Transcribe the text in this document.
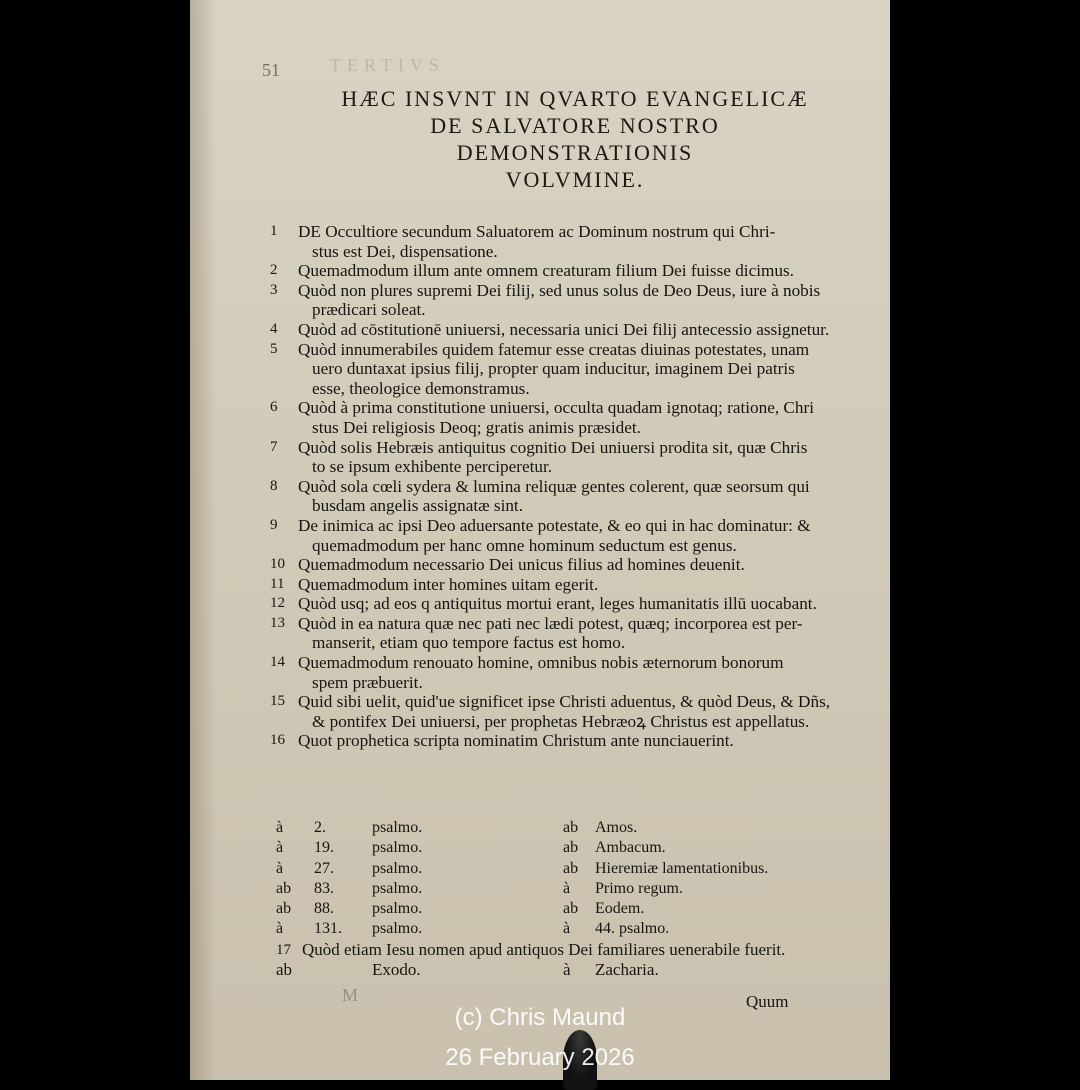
TERTIVS
51
HÆC INSVNT IN QVARTO EVANGELICÆ
DE SALVATORE NOSTRO
DEMONSTRATIONIS
VOLVMINE.
1	DE Occultiore secundum Saluatorem ac Dominum nostrum qui Chri-
stus est Dei, dispensatione.
2	Quemadmodum illum ante omnem creaturam filium Dei fuisse dicimus.
3	Quòd non plures supremi Dei filij, sed unus solus de Deo Deus, iure à nobis
prædicari soleat.
4	Quòd ad cōstitutionē uniuersi, necessaria unici Dei filij antecessio assignetur.
5	Quòd innumerabiles quidem fatemur esse creatas diuinas potestates, unam
uero duntaxat ipsius filij, propter quam inducitur, imaginem Dei patris
esse, theologice demonstramus.
6	Quòd à prima constitutione uniuersi, occulta quadam ignotaq; ratione, Chri
stus Dei religiosis Deoq; gratis animis præsidet.
7	Quòd solis Hebræis antiquitus cognitio Dei uniuersi prodita sit, quæ Chris
to se ipsum exhibente perciperetur.
8	Quòd sola cœli sydera & lumina reliquæ gentes colerent, quæ seorsum qui
busdam angelis assignatæ sint.
9	De inimica ac ipsi Deo aduersante potestate, & eo qui in hac dominatur: &
quemadmodum per hanc omne hominum seductum est genus.
10 Quemadmodum necessario Dei unicus filius ad homines deuenit.
11 Quemadmodum inter homines uitam egerit.
12 Quòd usq; ad eos q antiquitus mortui erant, leges humanitatis illū uocabant.
13 Quòd in ea natura quæ nec pati nec lædi potest, quæq; incorporea est per-
manserit, etiam quo tempore factus est homo.
14 Quemadmodum renouato homine, omnibus nobis æternorum bonorum
spem præbuerit.
15 Quid sibi uelit, quid'ue significet ipse Christi aduentus, & quòd Deus, & Dñs,
& pontifex Dei uniuersi, per prophetas Hebræoꝝ Christus est appellatus.
16 Quot prophetica scripta nominatim Christum ante nunciauerint.
à 2.	psalmo.	ab Amos.
à 19. psalmo.	ab Ambacum.
à 27. psalmo.	ab Hieremiæ lamentationibus.
ab 83. psalmo.	à Primo regum.
ab 88. psalmo.	ab Eodem.
à 131. psalmo.	à 44. psalmo.
17 Quòd etiam Iesu nomen apud antiquos Dei familiares uenerabile fuerit.
ab	Exodo.	à Zacharia.
M	Quum
(c) Chris Maund
26 February 2026
